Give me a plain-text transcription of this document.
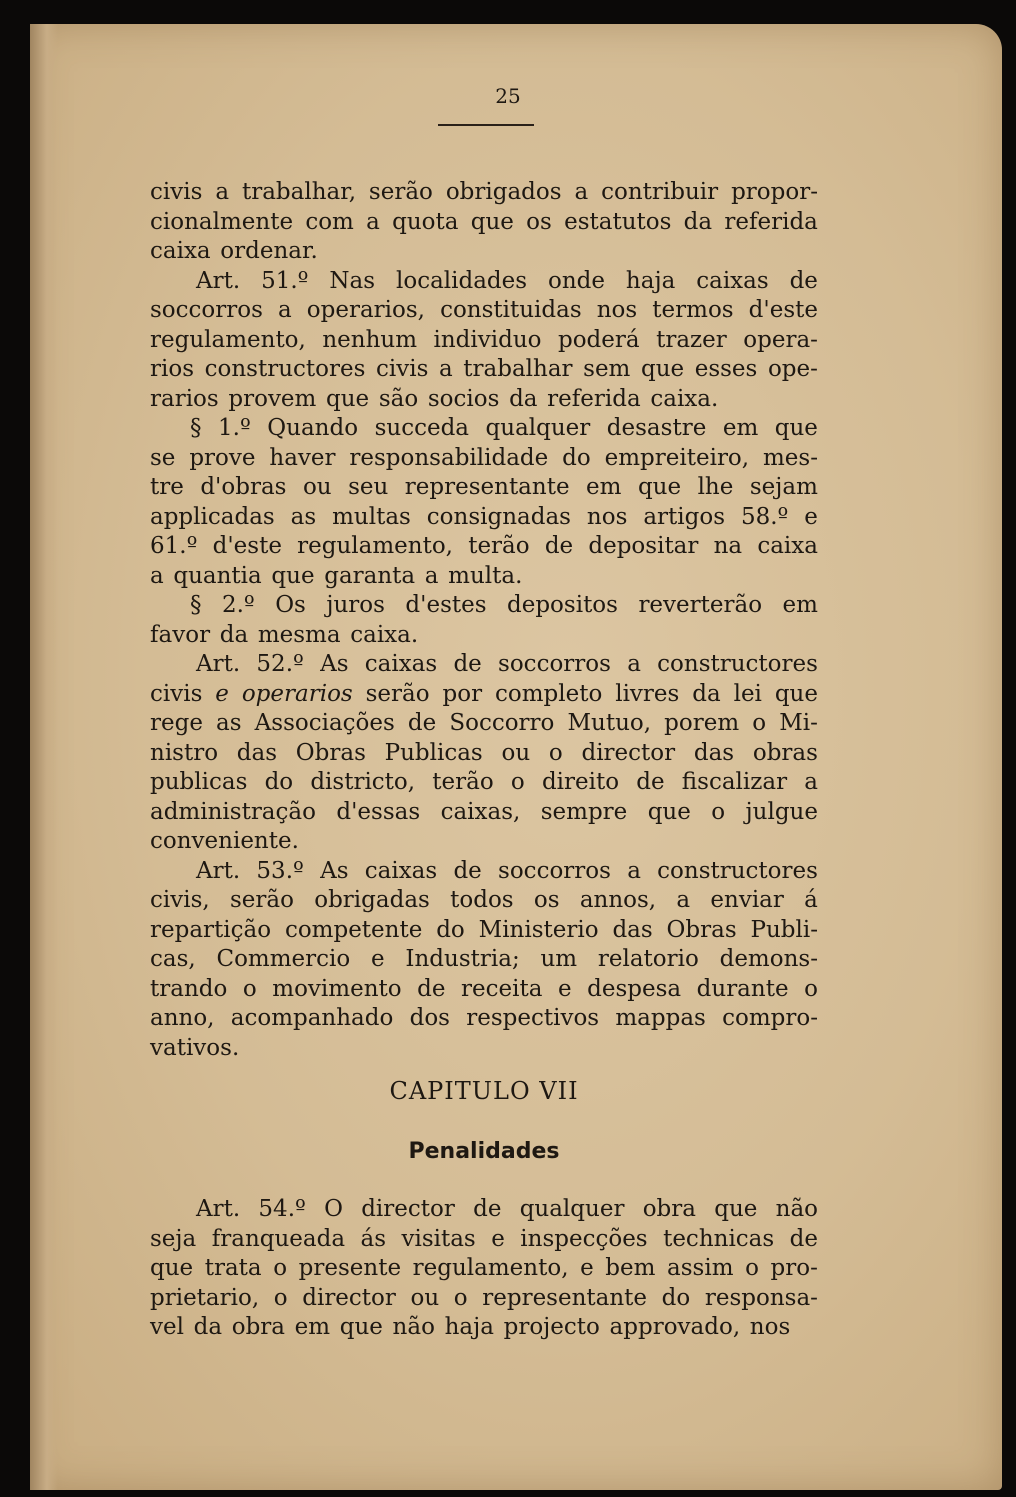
25
civis a trabalhar, serão obrigados a contribuir propor-
cionalmente com a quota que os estatutos da referida
caixa ordenar.
Art. 51.º Nas localidades onde haja caixas de
soccorros a operarios, constituidas nos termos d'este
regulamento, nenhum individuo poderá trazer opera-
rios constructores civis a trabalhar sem que esses ope-
rarios provem que são socios da referida caixa.
§ 1.º Quando succeda qualquer desastre em que
se prove haver responsabilidade do empreiteiro, mes-
tre d'obras ou seu representante em que lhe sejam
applicadas as multas consignadas nos artigos 58.º e
61.º d'este regulamento, terão de depositar na caixa
a quantia que garanta a multa.
§ 2.º Os juros d'estes depositos reverterão em
favor da mesma caixa.
Art. 52.º As caixas de soccorros a constructores
civis e operarios serão por completo livres da lei que
rege as Associações de Soccorro Mutuo, porem o Mi-
nistro das Obras Publicas ou o director das obras
publicas do districto, terão o direito de fiscalizar a
administração d'essas caixas, sempre que o julgue
conveniente.
Art. 53.º As caixas de soccorros a constructores
civis, serão obrigadas todos os annos, a enviar á
repartição competente do Ministerio das Obras Publi-
cas, Commercio e Industria; um relatorio demons-
trando o movimento de receita e despesa durante o
anno, acompanhado dos respectivos mappas compro-
vativos.
CAPITULO VII
Penalidades
Art. 54.º O director de qualquer obra que não
seja franqueada ás visitas e inspecções technicas de
que trata o presente regulamento, e bem assim o pro-
prietario, o director ou o representante do responsa-
vel da obra em que não haja projecto approvado, nos
